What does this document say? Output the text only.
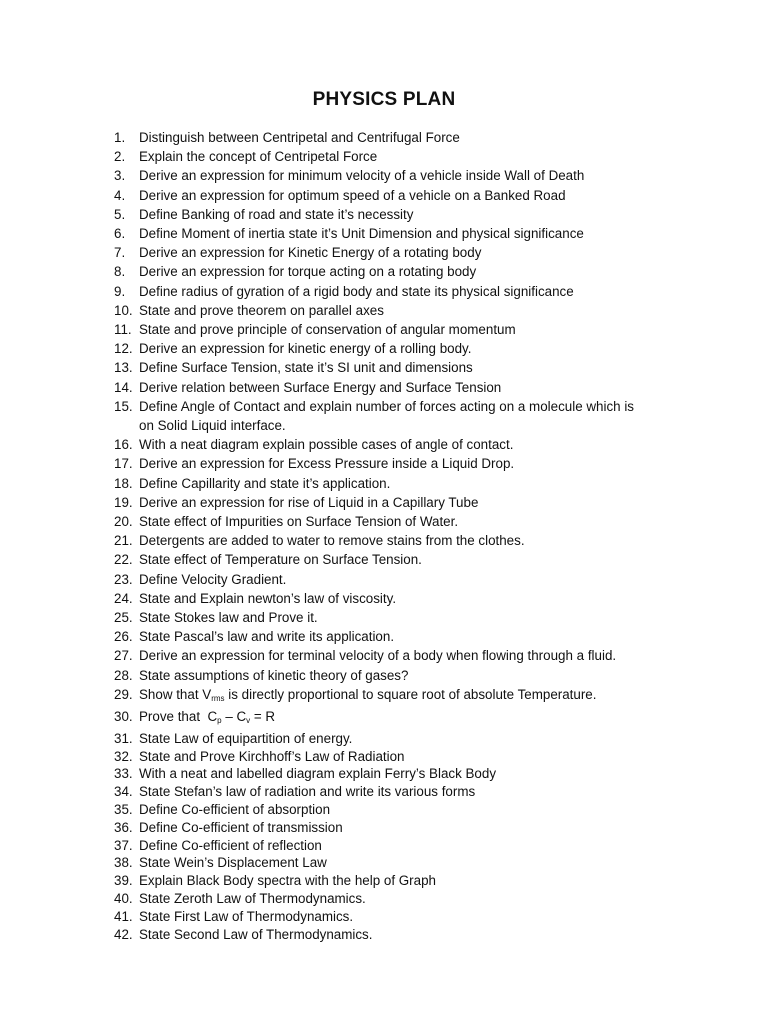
PHYSICS PLAN
1.	Distinguish between Centripetal and Centrifugal Force
2.	Explain the concept of Centripetal Force
3.	Derive an expression for minimum velocity of a vehicle inside Wall of Death
4.	Derive an expression for optimum speed of a vehicle on a Banked Road
5.	Define Banking of road and state it’s necessity
6.	Define Moment of inertia state it’s Unit Dimension and physical significance
7.	Derive an expression for Kinetic Energy of a rotating body
8.	Derive an expression for torque acting on a rotating body
9.	Define radius of gyration of a rigid body and state its physical significance
10. State and prove theorem on parallel axes
11. State and prove principle of conservation of angular momentum
12. Derive an expression for kinetic energy of a rolling body.
13. Define Surface Tension, state it’s SI unit and dimensions
14. Derive relation between Surface Energy and Surface Tension
15. Define Angle of Contact and explain number of forces acting on a molecule which is on Solid Liquid interface.
16. With a neat diagram explain possible cases of angle of contact.
17. Derive an expression for Excess Pressure inside a Liquid Drop.
18. Define Capillarity and state it’s application.
19. Derive an expression for rise of Liquid in a Capillary Tube
20. State effect of Impurities on Surface Tension of Water.
21. Detergents are added to water to remove stains from the clothes.
22. State effect of Temperature on Surface Tension.
23. Define Velocity Gradient.
24. State and Explain newton’s law of viscosity.
25. State Stokes law and Prove it.
26. State Pascal’s law and write its application.
27. Derive an expression for terminal velocity of a body when flowing through a fluid.
28. State assumptions of kinetic theory of gases?
29. Show that $V_{rms}$ is directly proportional to square root of absolute Temperature.
30. Prove that  $C_p - C_v = R$
31. State Law of equipartition of energy.
32. State and Prove Kirchhoff’s Law of Radiation
33. With a neat and labelled diagram explain Ferry’s Black Body
34. State Stefan’s law of radiation and write its various forms
35. Define Co-efficient of absorption
36. Define Co-efficient of transmission
37. Define Co-efficient of reflection
38. State Wein’s Displacement Law
39. Explain Black Body spectra with the help of Graph
40. State Zeroth Law of Thermodynamics.
41. State First Law of Thermodynamics.
42. State Second Law of Thermodynamics.
